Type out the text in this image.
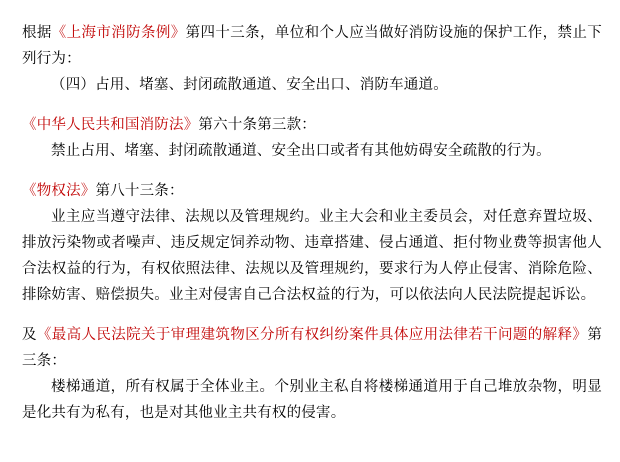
根据《上海市消防条例》第四十三条，单位和个人应当做好消防设施的保护工作，禁止下列行为：

（四）占用、堵塞、封闭疏散通道、安全出口、消防车通道。

《中华人民共和国消防法》第六十条第三款：

禁止占用、堵塞、封闭疏散通道、安全出口或者有其他妨碍安全疏散的行为。

《物权法》第八十三条：

业主应当遵守法律、法规以及管理规约。业主大会和业主委员会，对任意弃置垃圾、排放污染物或者噪声、违反规定饲养动物、违章搭建、侵占通道、拒付物业费等损害他人合法权益的行为，有权依照法律、法规以及管理规约，要求行为人停止侵害、消除危险、排除妨害、赔偿损失。业主对侵害自己合法权益的行为，可以依法向人民法院提起诉讼。

及《最高人民法院关于审理建筑物区分所有权纠纷案件具体应用法律若干问题的解释》第三条：

楼梯通道，所有权属于全体业主。个别业主私自将楼梯通道用于自己堆放杂物，明显是化共有为私有，也是对其他业主共有权的侵害。
